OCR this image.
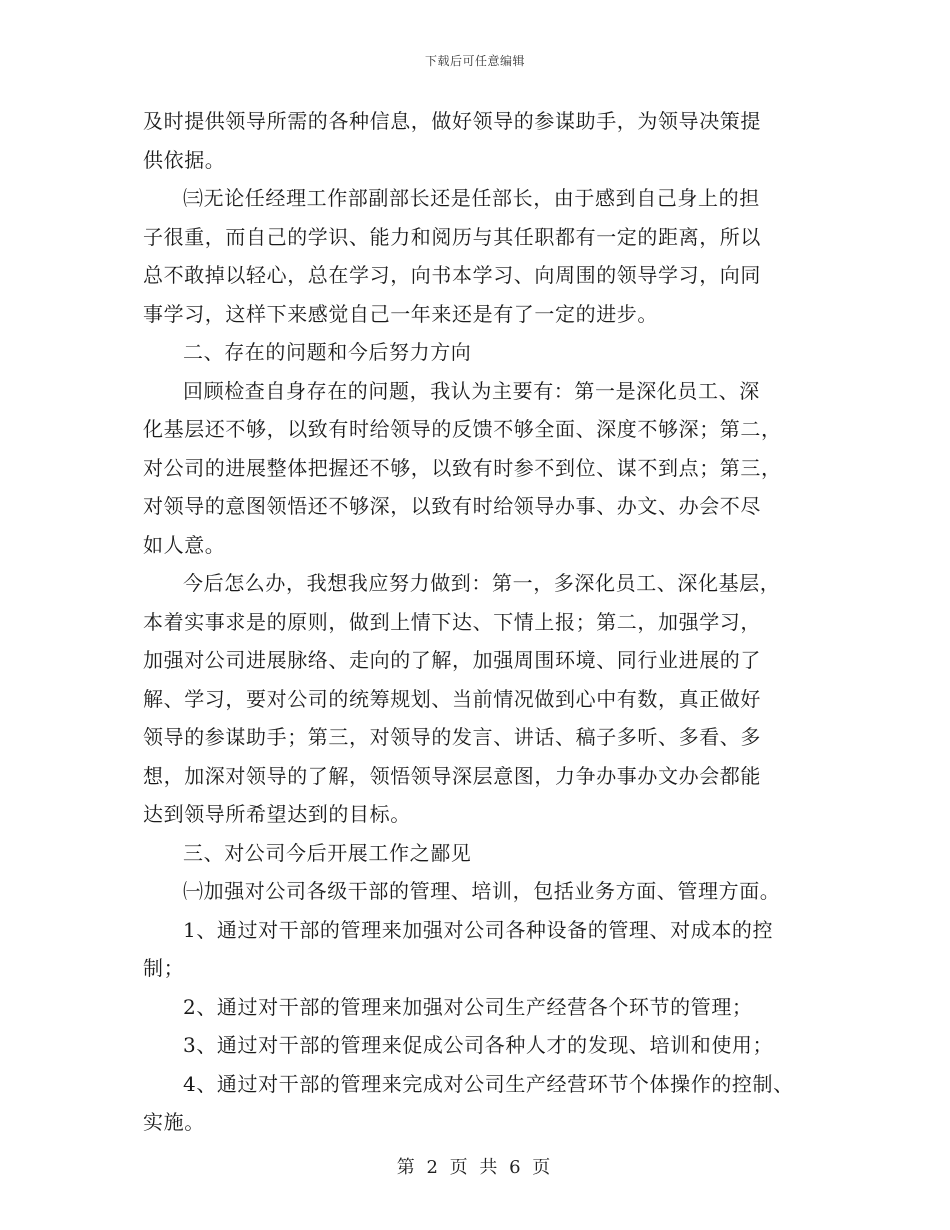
下载后可任意编辑
及时提供领导所需的各种信息，做好领导的参谋助手，为领导决策提
供依据。
㈢无论任经理工作部副部长还是任部长，由于感到自己身上的担
子很重，而自己的学识、能力和阅历与其任职都有一定的距离，所以
总不敢掉以轻心，总在学习，向书本学习、向周围的领导学习，向同
事学习，这样下来感觉自己一年来还是有了一定的进步。
二、存在的问题和今后努力方向
回顾检查自身存在的问题，我认为主要有：第一是深化员工、深
化基层还不够，以致有时给领导的反馈不够全面、深度不够深；第二，
对公司的进展整体把握还不够，以致有时参不到位、谋不到点；第三，
对领导的意图领悟还不够深，以致有时给领导办事、办文、办会不尽
如人意。
今后怎么办，我想我应努力做到：第一，多深化员工、深化基层，
本着实事求是的原则，做到上情下达、下情上报；第二，加强学习，
加强对公司进展脉络、走向的了解，加强周围环境、同行业进展的了
解、学习，要对公司的统筹规划、当前情况做到心中有数，真正做好
领导的参谋助手；第三，对领导的发言、讲话、稿子多听、多看、多
想，加深对领导的了解，领悟领导深层意图，力争办事办文办会都能
达到领导所希望达到的目标。
三、对公司今后开展工作之鄙见
㈠加强对公司各级干部的管理、培训，包括业务方面、管理方面。
1、通过对干部的管理来加强对公司各种设备的管理、对成本的控
制；
2、通过对干部的管理来加强对公司生产经营各个环节的管理；
3、通过对干部的管理来促成公司各种人才的发现、培训和使用；
4、通过对干部的管理来完成对公司生产经营环节个体操作的控制、
实施。
第 2 页 共 6 页
